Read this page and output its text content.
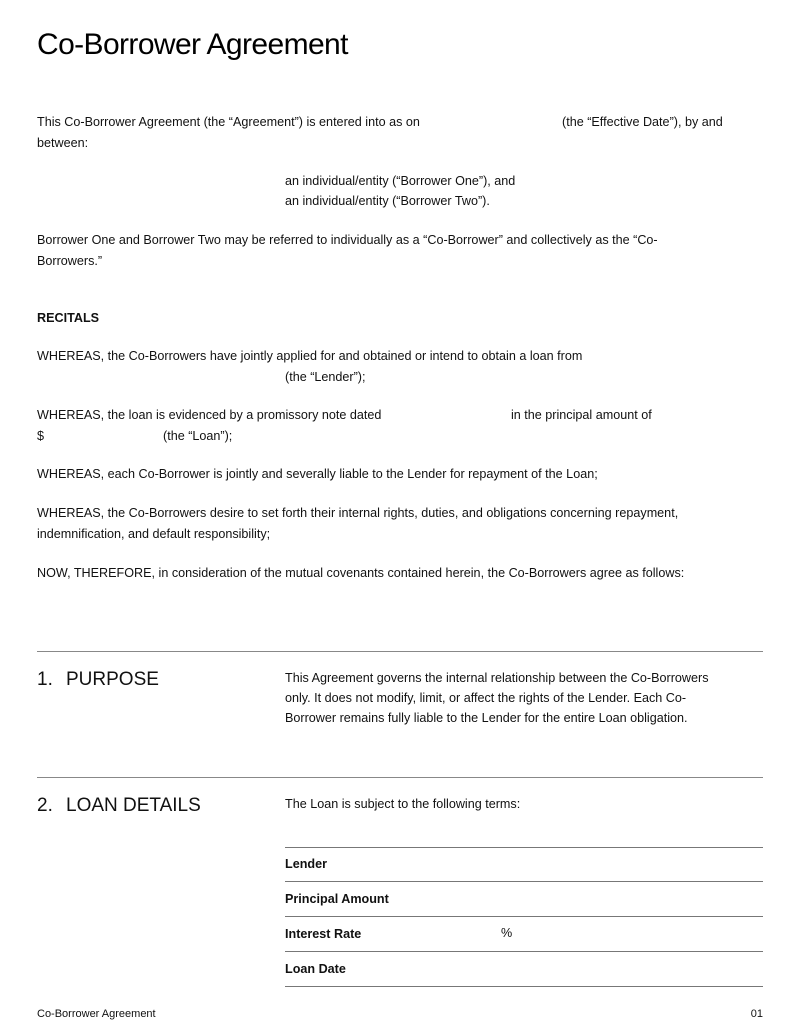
Co-Borrower Agreement
This Co-Borrower Agreement (the “Agreement”) is entered into as on	(the “Effective Date”), by and
between:
an individual/entity (“Borrower One”), and
an individual/entity (“Borrower Two”).
Borrower One and Borrower Two may be referred to individually as a “Co-Borrower” and collectively as the “Co-
Borrowers.”
RECITALS
WHEREAS, the Co-Borrowers have jointly applied for and obtained or intend to obtain a loan from
(the “Lender”);
WHEREAS, the loan is evidenced by a promissory note dated	in the principal amount of
$	(the “Loan”);
WHEREAS, each Co-Borrower is jointly and severally liable to the Lender for repayment of the Loan;
WHEREAS, the Co-Borrowers desire to set forth their internal rights, duties, and obligations concerning repayment,
indemnification, and default responsibility;
NOW, THEREFORE, in consideration of the mutual covenants contained herein, the Co-Borrowers agree as follows:
1. PURPOSE	This Agreement governs the internal relationship between the Co-Borrowers
only. It does not modify, limit, or affect the rights of the Lender. Each Co-
Borrower remains fully liable to the Lender for the entire Loan obligation.
2. LOAN DETAILS	The Loan is subject to the following terms:
Lender
Principal Amount
Interest Rate	%
Loan Date
Co-Borrower Agreement	01
